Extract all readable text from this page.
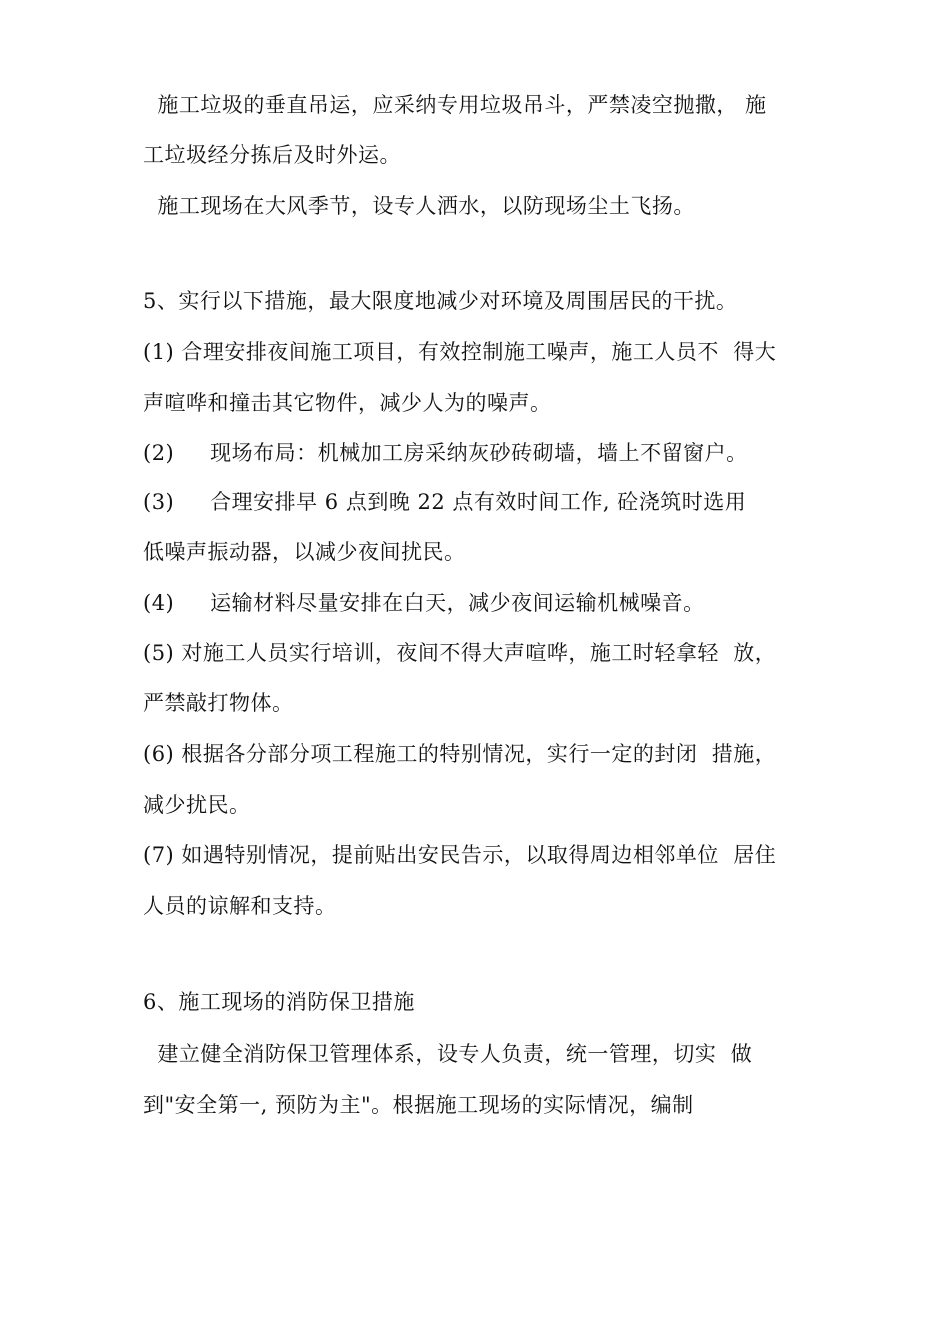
施工垃圾的垂直吊运，应采纳专用垃圾吊斗，严禁凌空抛撒， 施
工垃圾经分拣后及时外运。
施工现场在大风季节，设专人洒水，以防现场尘土飞扬。
5、实行以下措施，最大限度地减少对环境及周围居民的干扰。
(1) 合理安排夜间施工项目，有效控制施工噪声，施工人员不  得大
声喧哗和撞击其它物件，减少人为的噪声。
(2)     现场布局：机械加工房采纳灰砂砖砌墙，墙上不留窗户。
(3)     合理安排早 6 点到晚 22 点有效时间工作, 砼浇筑时选用
低噪声振动器，以减少夜间扰民。
(4)     运输材料尽量安排在白天，减少夜间运输机械噪音。
(5) 对施工人员实行培训，夜间不得大声喧哗，施工时轻拿轻  放，
严禁敲打物体。
(6) 根据各分部分项工程施工的特别情况，实行一定的封闭  措施，
减少扰民。
(7) 如遇特别情况，提前贴出安民告示，以取得周边相邻单位  居住
人员的谅解和支持。
6、施工现场的消防保卫措施
建立健全消防保卫管理体系，设专人负责，统一管理，切实  做
到"安全第一, 预防为主"。根据施工现场的实际情况，编制
